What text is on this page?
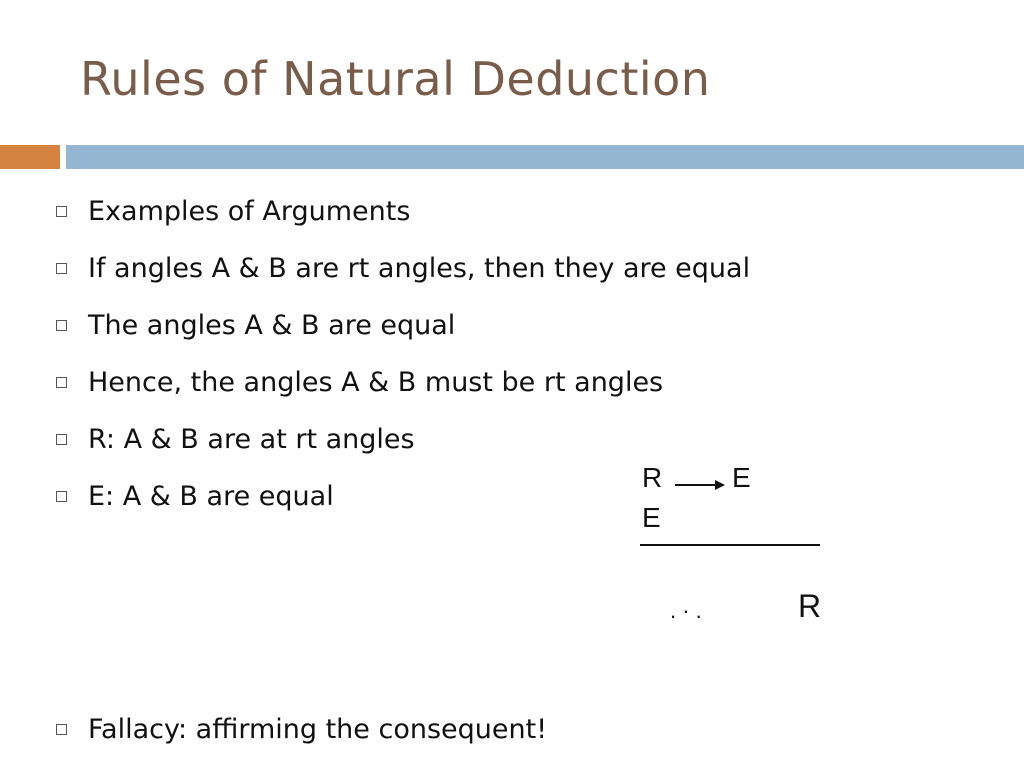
Rules of Natural Deduction
Examples of Arguments
If angles A & B are rt angles, then they are equal
The angles A & B are equal
Hence, the angles A & B must be rt angles
R: A & B are at rt angles
E: A & B are equal
Fallacy: affirming the consequent!
R E
E
. · .	R
